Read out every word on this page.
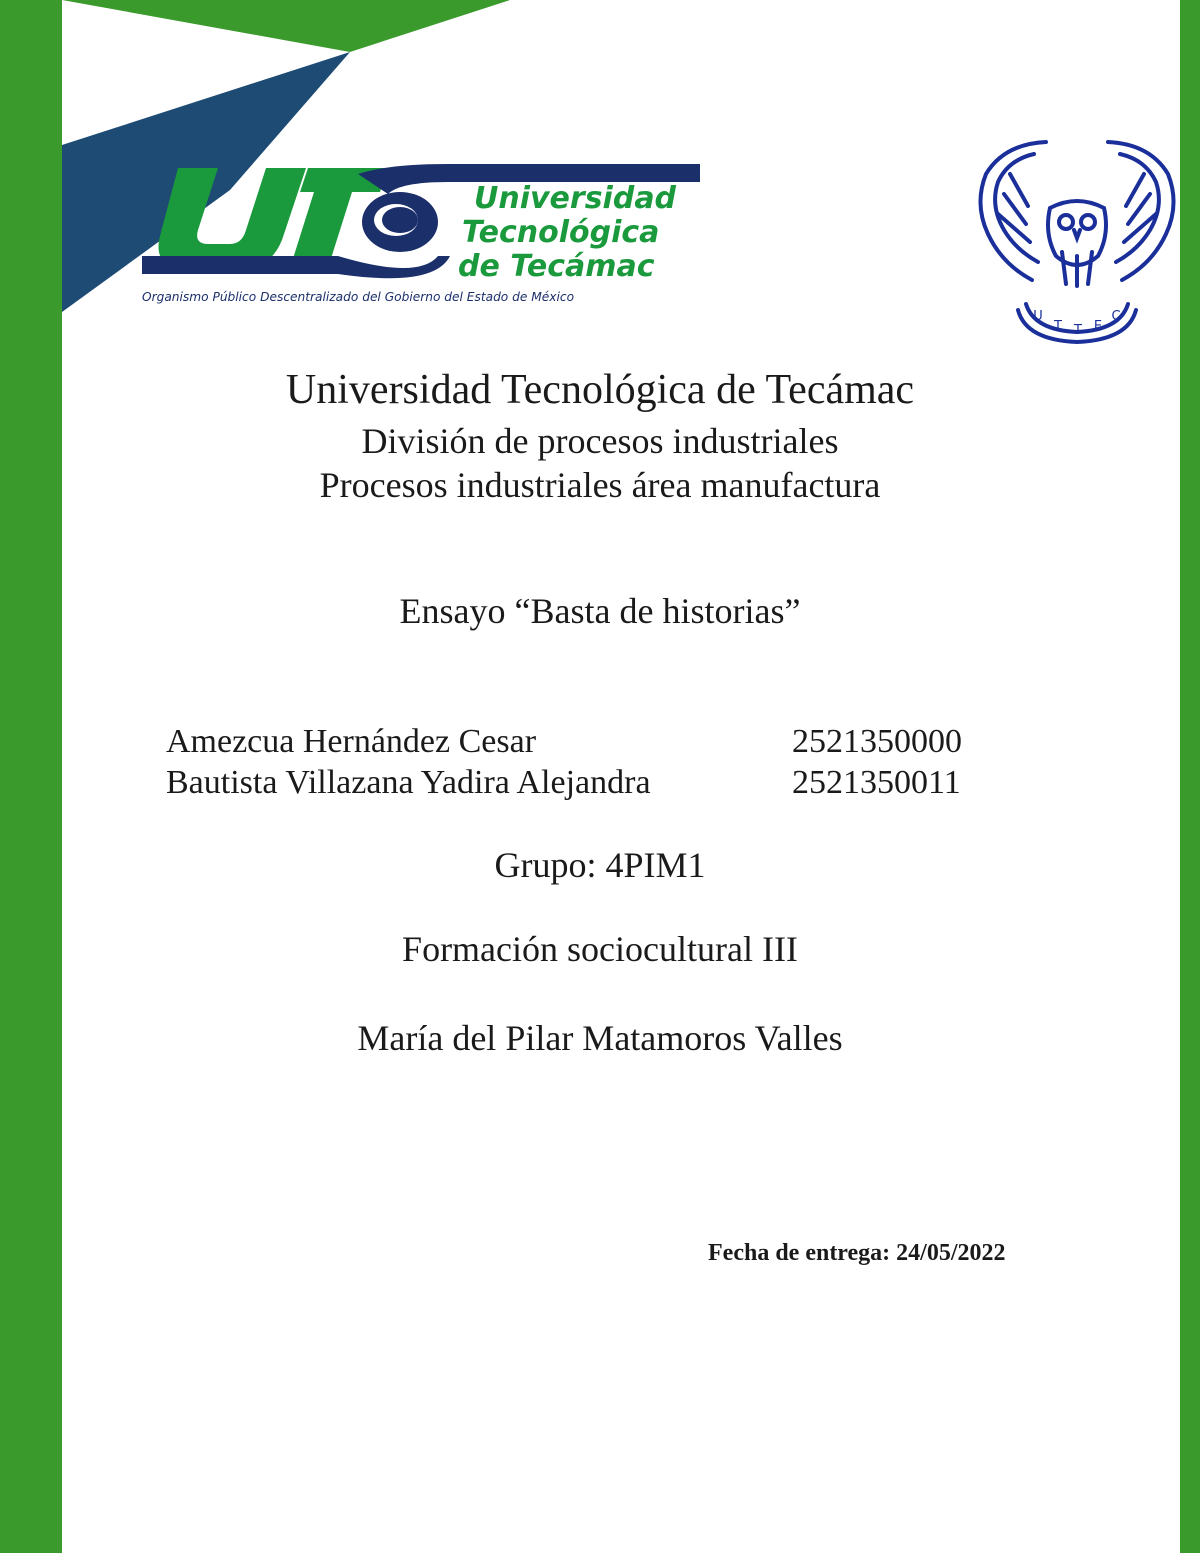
Universidad
Tecnológica
de Tecámac
Organismo Público Descentralizado del Gobierno del Estado de México
U
T T E
C
Universidad Tecnológica de Tecámac
División de procesos industriales
Procesos industriales área manufactura
Ensayo “Basta de historias”
Amezcua Hernández Cesar	2521350000
Bautista Villazana Yadira Alejandra	2521350011
Grupo: 4PIM1
Formación sociocultural III
María del Pilar Matamoros Valles
Fecha de entrega: 24/05/2022
